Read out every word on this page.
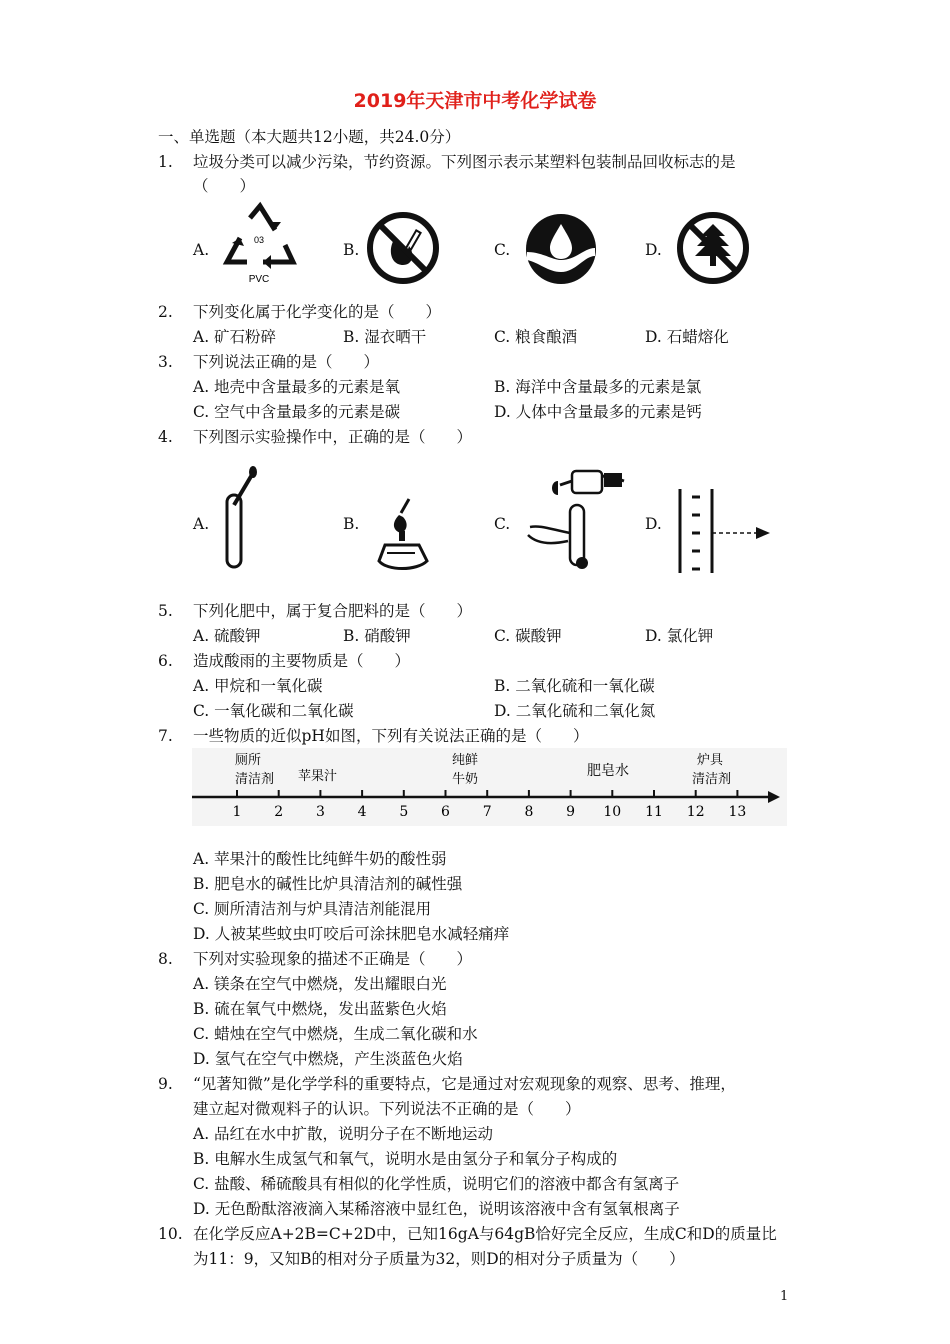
2019年天津市中考化学试卷
一、单选题（本大题共12小题，共24.0分）
1. 垃圾分类可以减少污染，节约资源。下列图示表示某塑料包装制品回收标志的是
（　　）
A.	B.	C.	D.
03
PVC
2. 下列变化属于化学变化的是（　　）
A. 矿石粉碎	B. 湿衣晒干	C. 粮食酿酒	D. 石蜡熔化
3. 下列说法正确的是（　　）
A. 地壳中含量最多的元素是氧	B. 海洋中含量最多的元素是氯
C. 空气中含量最多的元素是碳	D. 人体中含量最多的元素是钙
4. 下列图示实验操作中，正确的是（　　）
A.	B.	C.	D.
5. 下列化肥中，属于复合肥料的是（　　）
A. 硫酸钾	B. 硝酸钾	C. 碳酸钾	D. 氯化钾
6. 造成酸雨的主要物质是（　　）
A. 甲烷和一氧化碳	B. 二氧化硫和一氧化碳
C. 一氧化碳和二氧化碳	D. 二氧化硫和二氧化氮
7. 一些物质的近似pH如图，下列有关说法正确的是（　　）
厕所
清洁剂 苹果汁
纯鲜
牛奶
肥皂水
炉具
清洁剂
1 2 3 4 5 6 7 8 9 10 11 12 13
A. 苹果汁的酸性比纯鲜牛奶的酸性弱
B. 肥皂水的碱性比炉具清洁剂的碱性强
C. 厕所清洁剂与炉具清洁剂能混用
D. 人被某些蚊虫叮咬后可涂抹肥皂水减轻痛痒
8. 下列对实验现象的描述不正确是（　　）
A. 镁条在空气中燃烧，发出耀眼白光
B. 硫在氧气中燃烧，发出蓝紫色火焰
C. 蜡烛在空气中燃烧，生成二氧化碳和水
D. 氢气在空气中燃烧，产生淡蓝色火焰
9. “见著知微”是化学学科的重要特点，它是通过对宏观现象的观察、思考、推理，
建立起对微观料子的认识。下列说法不正确的是（　　）
A. 品红在水中扩散，说明分子在不断地运动
B. 电解水生成氢气和氧气，说明水是由氢分子和氧分子构成的
C. 盐酸、稀硫酸具有相似的化学性质，说明它们的溶液中都含有氢离子
D. 无色酚酞溶液滴入某稀溶液中显红色，说明该溶液中含有氢氧根离子
10. 在化学反应A+2B=C+2D中，已知16gA与64gB恰好完全反应，生成C和D的质量比
为11：9，又知B的相对分子质量为32，则D的相对分子质量为（　　）
1
